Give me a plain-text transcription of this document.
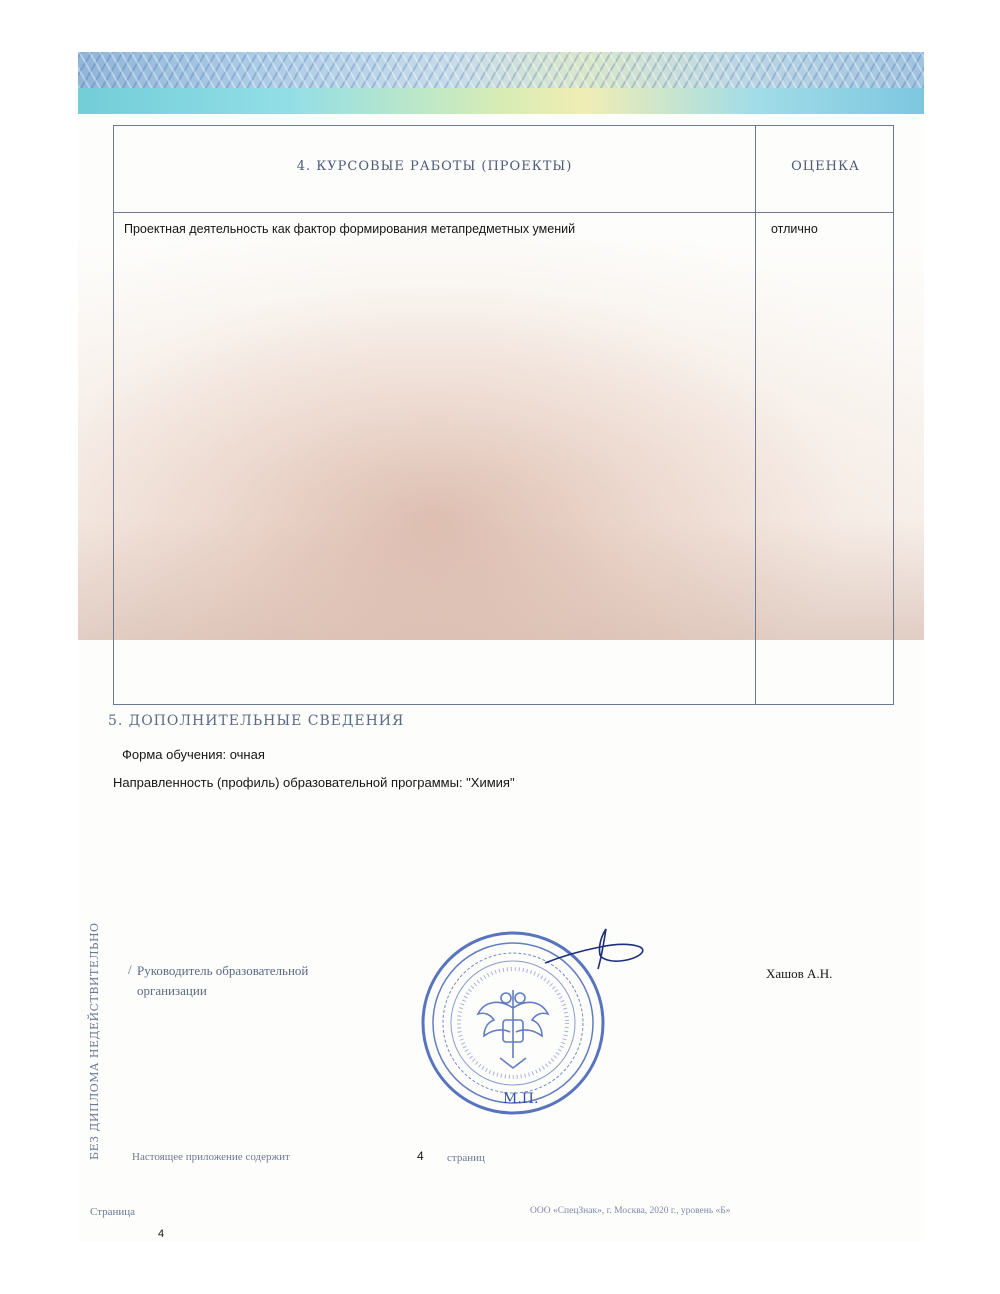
4. КУРСОВЫЕ РАБОТЫ (ПРОЕКТЫ)	ОЦЕНКА
Проектная деятельность как фактор формирования метапредметных умений	отлично
5. ДОПОЛНИТЕЛЬНЫЕ СВЕДЕНИЯ
Форма обучения: очная
Направленность (профиль) образовательной программы: "Химия"
БЕЗ ДИПЛОМА НЕДЕЙСТВИТЕЛЬНО / Руководитель образовательной
организации
Хашов А.Н.
М.П.
Настоящее приложение содержит	4 страниц
Страница
4
ООО «СпецЗнак», г. Москва, 2020 г., уровень «Б»
